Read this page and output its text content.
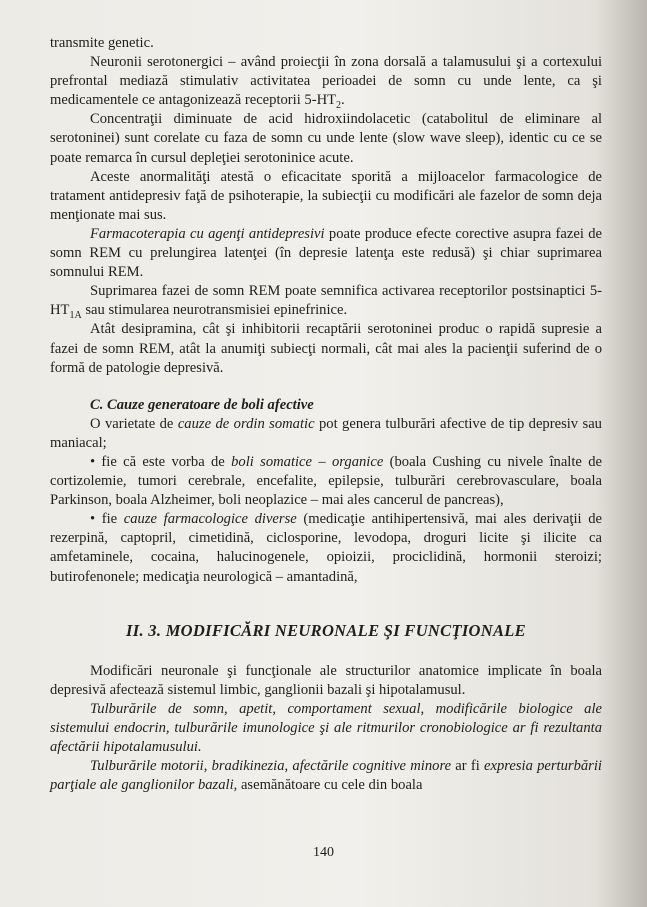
transmite genetic.

Neuronii serotonergici – având proiecţii în zona dorsală a talamusului şi a cortexului prefrontal mediază stimulativ activitatea perioadei de somn cu unde lente, ca şi medicamentele ce antagonizează receptorii $5-HT_2$.

Concentraţii diminuate de acid hidroxiindolacetic (catabolitul de eliminare al serotoninei) sunt corelate cu faza de somn cu unde lente (slow wave sleep), identic cu ce se poate remarca în cursul depleţiei serotoninice acute.

Aceste anormalităţi atestă o eficacitate sporită a mijloacelor farmacologice de tratament antidepresiv faţă de psihoterapie, la subiecţii cu modificări ale fazelor de somn deja menţionate mai sus.

Farmacoterapia cu agenţi antidepresivi poate produce efecte corective asupra fazei de somn REM cu prelungirea latenţei (în depresie latenţa este redusă) şi chiar suprimarea somnului REM.

Suprimarea fazei de somn REM poate semnifica activarea receptorilor postsinaptici $5-HT_{1A}$ sau stimularea neurotransmisiei epinefrinice.

Atât desipramina, cât şi inhibitorii recaptării serotoninei produc o rapidă supresie a fazei de somn REM, atât la anumiţi subiecţi normali, cât mai ales la pacienţii suferind de o formă de patologie depresivă.

C. Cauze generatoare de boli afective

O varietate de cauze de ordin somatic pot genera tulburări afective de tip depresiv sau maniacal;

• fie că este vorba de boli somatice – organice (boala Cushing cu nivele înalte de cortizolemie, tumori cerebrale, encefalite, epilepsie, tulburări cerebrovasculare, boala Parkinson, boala Alzheimer, boli neoplazice – mai ales cancerul de pancreas),

• fie cauze farmacologice diverse (medicaţie antihipertensivă, mai ales derivaţii de rezerpină, captopril, cimetidină, ciclosporine, levodopa, droguri licite şi ilicite ca amfetaminele, cocaina, halucinogenele, opioizii, prociclidină, hormonii steroizi; butirofenonele; medicaţia neurologică – amantadină,

II. 3. MODIFICĂRI NEURONALE ŞI FUNCŢIONALE

Modificări neuronale şi funcţionale ale structurilor anatomice implicate în boala depresivă afectează sistemul limbic, ganglionii bazali şi hipotalamusul.

Tulburările de somn, apetit, comportament sexual, modificările biologice ale sistemului endocrin, tulburările imunologice şi ale ritmurilor cronobiologice ar fi rezultanta afectării hipotalamusului.

Tulburările motorii, bradikinezia, afectările cognitive minore ar fi expresia perturbării parţiale ale ganglionilor bazali, asemănătoare cu cele din boala

140
